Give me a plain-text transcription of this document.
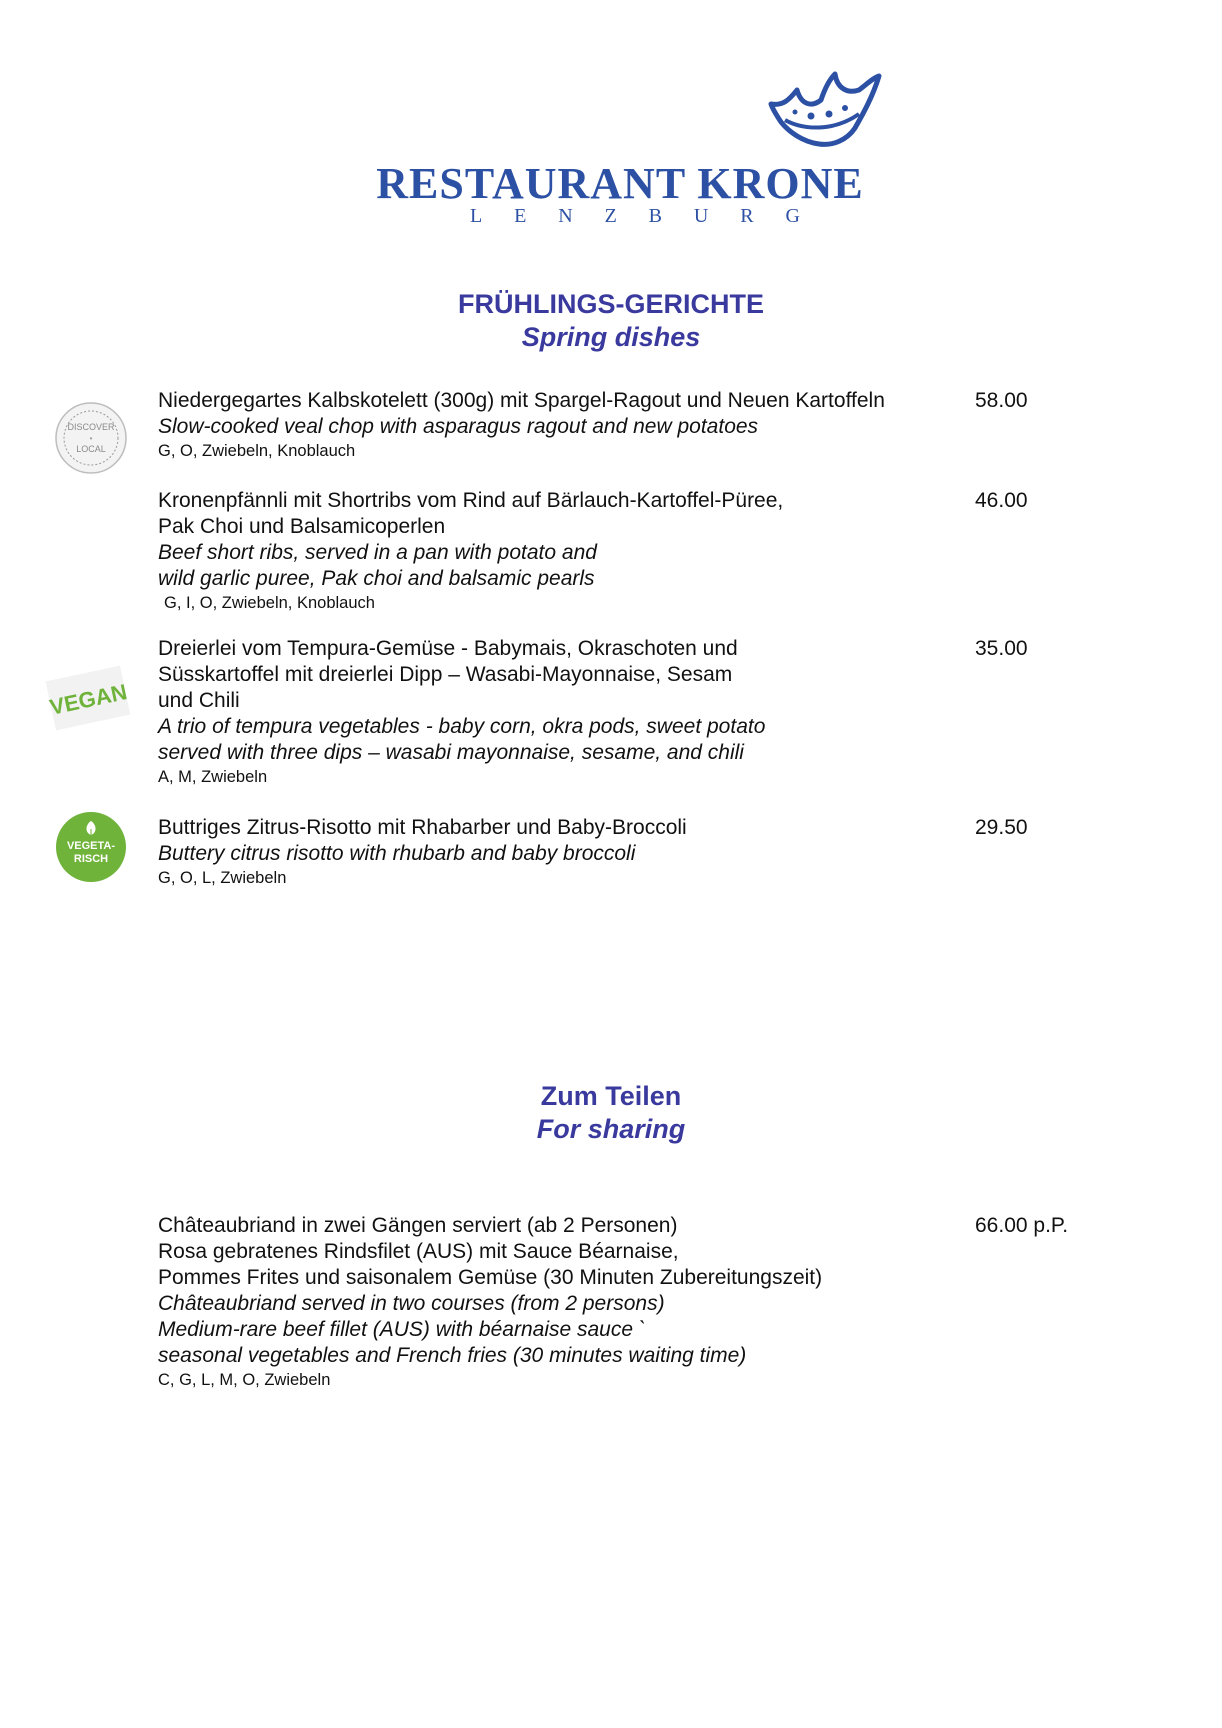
RESTAURANT KRONE
L E N Z B U R G
FRÜHLINGS-GERICHTE
Spring dishes
DISCOVER
LOCAL
•
Niedergegartes Kalbskotelett (300g) mit Spargel-Ragout und Neuen Kartoffeln
Slow-cooked veal chop with asparagus ragout and new potatoes
G, O, Zwiebeln, Knoblauch
58.00
Kronenpfännli mit Shortribs vom Rind auf Bärlauch-Kartoffel-Püree,
Pak Choi und Balsamicoperlen
Beef short ribs, served in a pan with potato and
wild garlic puree, Pak choi and balsamic pearls
G, I, O, Zwiebeln, Knoblauch
46.00
VEGAN
Dreierlei vom Tempura-Gemüse - Babymais, Okraschoten und
Süsskartoffel mit dreierlei Dipp – Wasabi-Mayonnaise, Sesam
und Chili
A trio of tempura vegetables - baby corn, okra pods, sweet potato
served with three dips – wasabi mayonnaise, sesame, and chili
A, M, Zwiebeln
35.00
VEGETA-
RISCH
Buttriges Zitrus-Risotto mit Rhabarber und Baby-Broccoli
Buttery citrus risotto with rhubarb and baby broccoli
G, O, L, Zwiebeln
29.50
Zum Teilen
For sharing
Châteaubriand in zwei Gängen serviert (ab 2 Personen)
Rosa gebratenes Rindsfilet (AUS) mit Sauce Béarnaise,
Pommes Frites und saisonalem Gemüse (30 Minuten Zubereitungszeit)
Châteaubriand served in two courses (from 2 persons)
Medium-rare beef fillet (AUS) with béarnaise sauce `
seasonal vegetables and French fries (30 minutes waiting time)
C, G, L, M, O, Zwiebeln
66.00 p.P.
